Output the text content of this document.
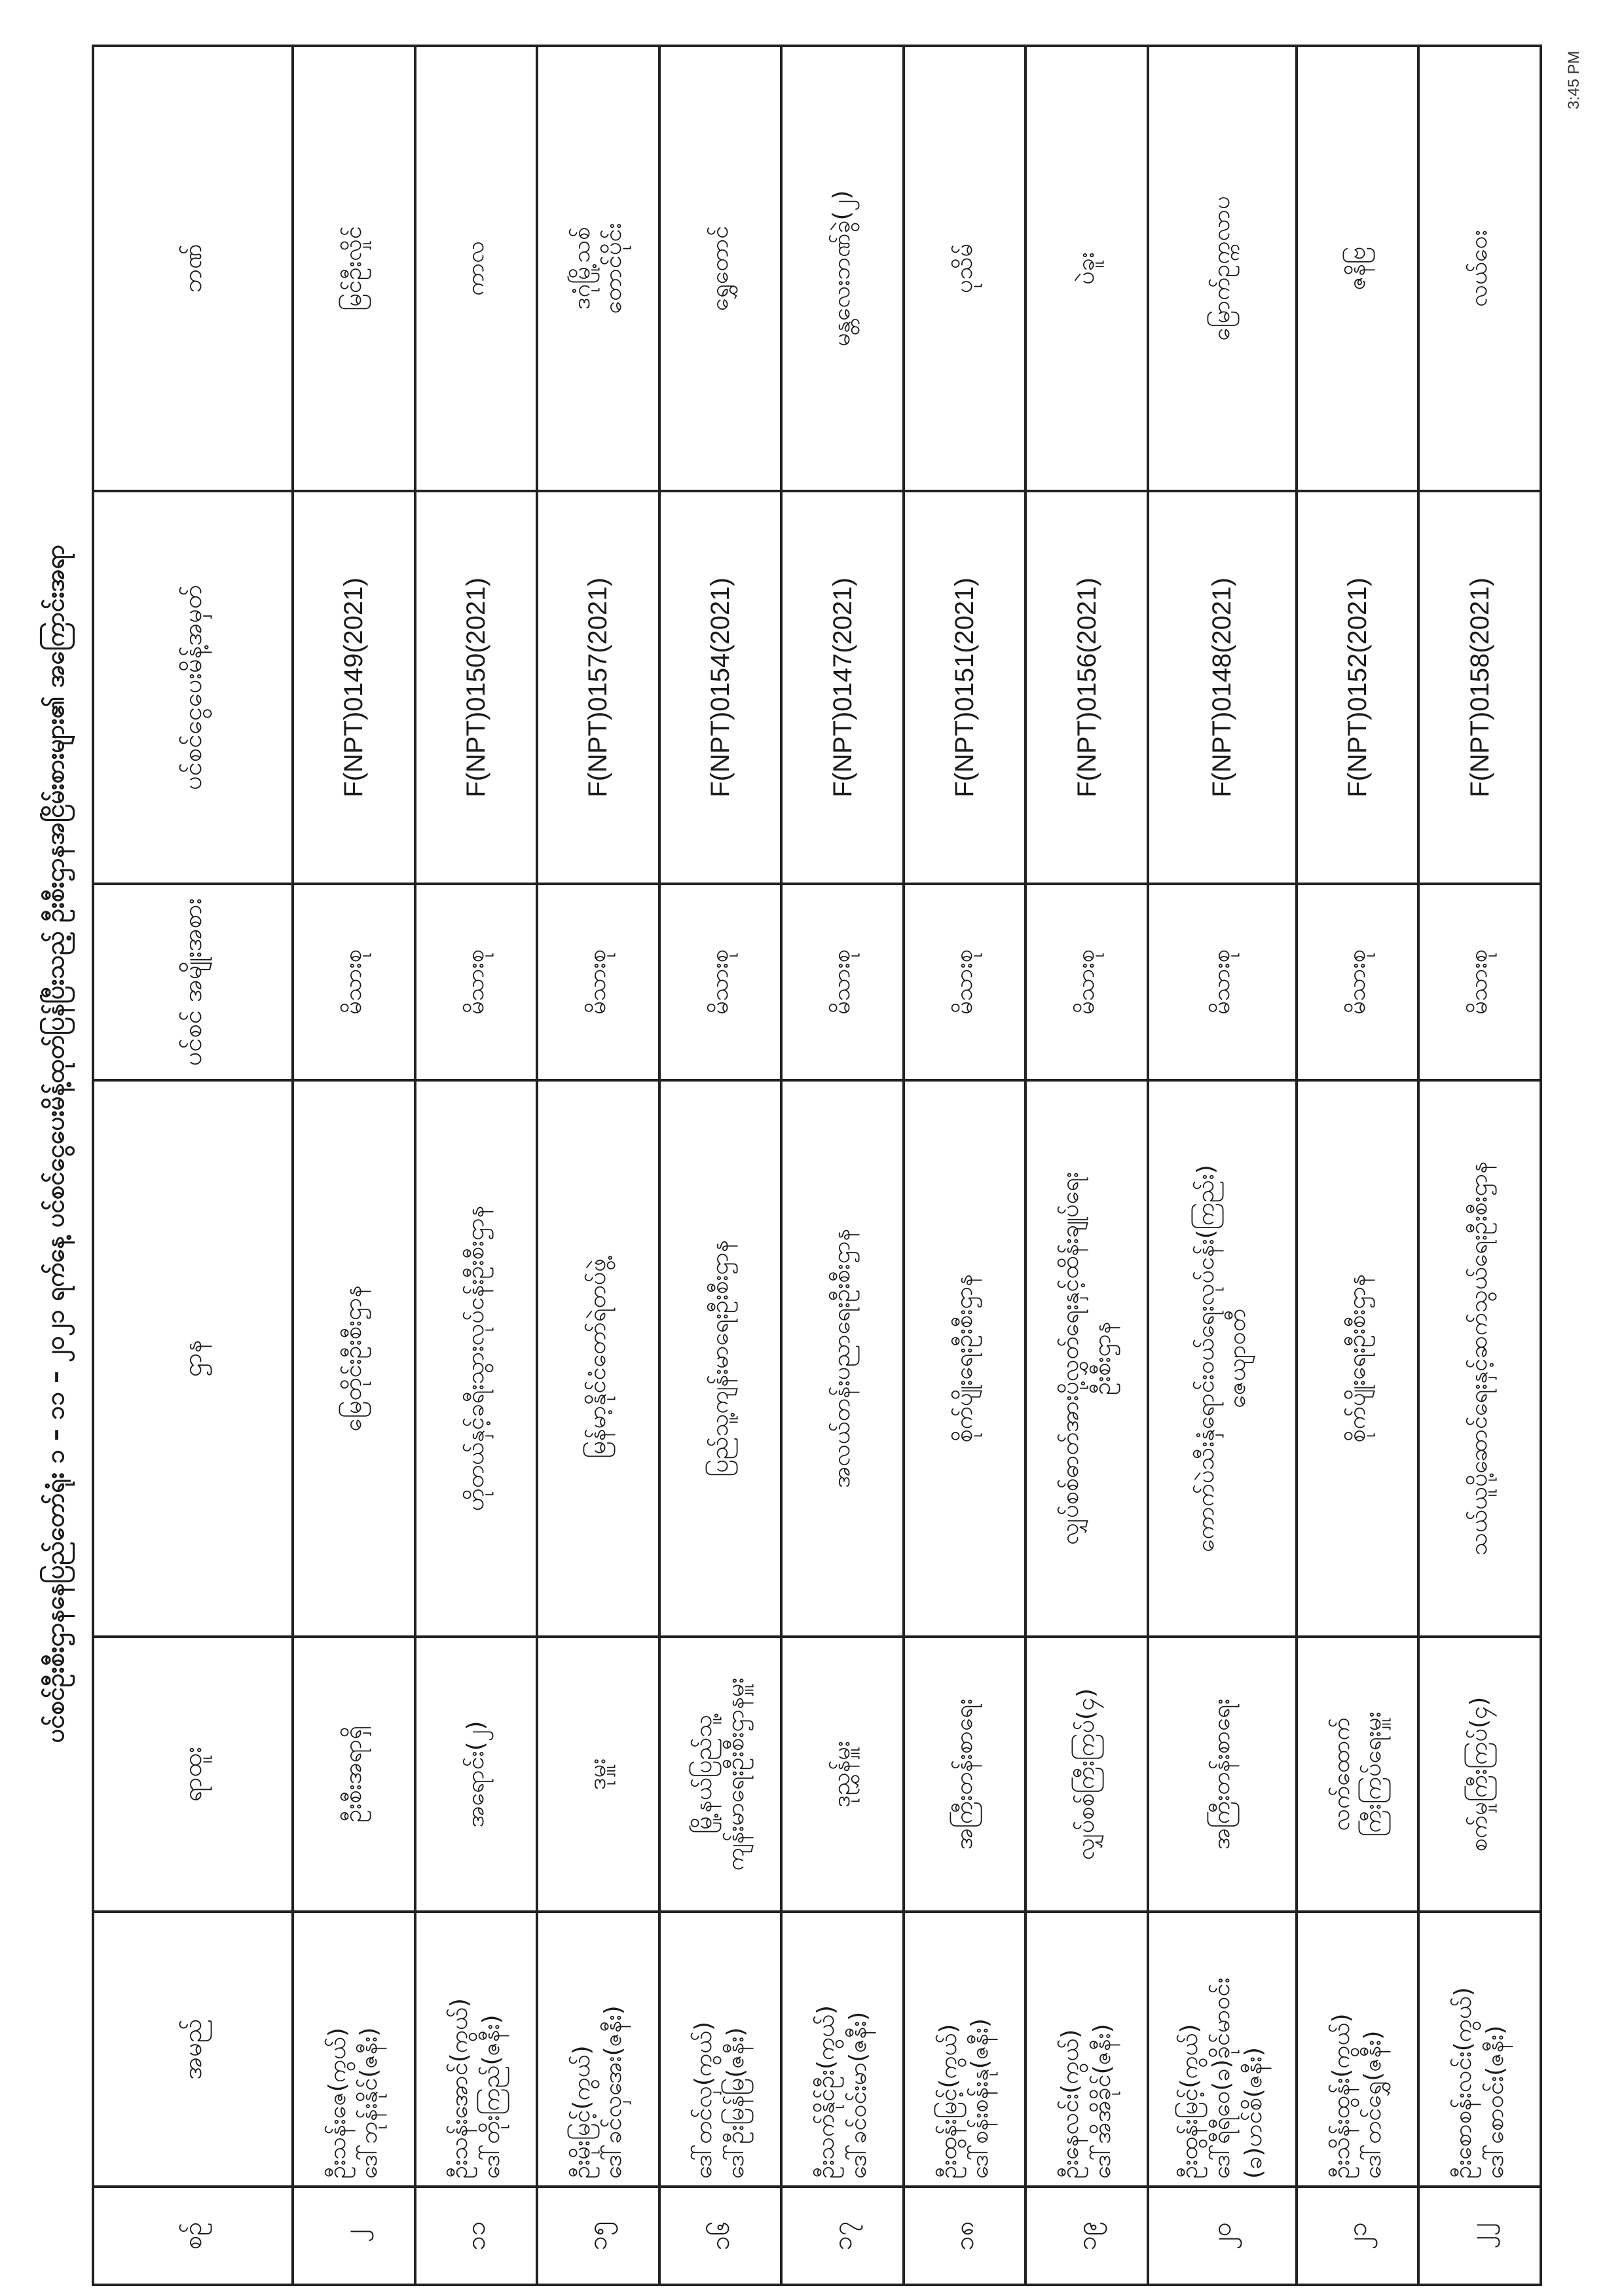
ပင်စင်ဦးစီးဌာနနေပြည်တော်ရုံး ၁ – ၁၁ – ၂၀၂၁ ရက်နေ့ ပင်စင်ငွေ‌ပေးမိန့်ထုတ်ပြန်ပြီးသည့် ဦးစီးဌာနအငြိမ်းစားများ၏ အ‌‌ကြောင်းအရာ
စဉ်	အမည်	ရာထူး	ဌာန	ပင်စင် အမျိုးအစား	ပင်စင်ငွေ‌ပေးမိန့်အမှတ်	ဘဏ်
၂	ဦးသန်းဇေ(ကွယ်) ဒေါ်ဘုန်းနိုင်(ဇနီး)	ဦးစီးအရာရှိ	မြေတိုင်းဦးစီးဌာန	မိသားစု	F(NPT)0149(2021)	မြင်ဦးလှိုင်

၁၁	ဦးသန်းအောင်(ကွယ်) ဒေါ်တိုးကြည်(ဇနီး)	အရောင်း(၂)	ဟိုတယ်နှင့်ခရီးသွားလုပ်ငန်းဦးစီးဌာန	မိသားစု	F(NPT)0150(2021)	ကာလ

၁၅	ဦးမိုးမြင့်(ကွယ်) ဒေါ်ခင်လှအေး(ဇနီး)	ဒုမှူး	မြန်မာ့နိုင်ငံတော်ရဲတပ်ဖွဲ့	မိသားစု	F(NPT)0157(2021)	ဒဂုံမြို့သစ် တောင်ပိုင်း

၁၆	ဒေါ်တင်လှ(ကွယ်) ဒေါ်ဦးမြန်မြ(ဇနီး)	မြို့နယ်ပြည်သူ့ ကျန်းမာရေးဦးစီးဌာနမှူး	ပြည်သူ့ကျန်းမာရေးဦးစီးဌာန	မိသားစု	F(NPT)0154(2021)	ရွှေတောင်

၁၇	ဦးသက်နိုင်ဦး(ကွယ်) ဒေါ်ခင်ဝင်းမာ(ဇနီး)	ဒုညွှန်မှူး	အလယ်တန်းပညာရေးဦးစီးဌာန	မိသားစု	F(NPT)0147(2021)	မန္တလေးဘဏ်ခွဲ(၂)

၁၈	ဦးထွန်းမြင့်(ကွယ်) ဒေါ်စန်းစန်းနု(ဇနီး)	အကြီးတန်းစာရေး	စိုက်ပျိုးရေးဦးစီးဌာန	မိသားစု	F(NPT)0151(2021)	ပုသိမ်

၁၉	ဦးနေလင်း(ကွယ်) ဒေါ်အိအိခိုင်(ဇနီး)	လျှပ်စစ်ကြီးကြပ်(၄)	လျှပ်စစ်ဓာတ်အားပို့လွှတ်ရေးနှင့်ထိန်းချုပ်ရေး ဦးစီးဌာန	မိသားစု	F(NPT)0156(2021)	ပဲခူး

၂၀	ဦးထွန်းမြင့်(ကွယ်) ဒေါ်ရီရီဝေ(ခ)ခိုင်မာဝင်း (ခ)ဟင်စိ(ဇနီး)	အကြီးတန်းစာရေး	ကောက်ပဲသီးနှံရောင်းဝယ်ရေးလုပ်ငန်း(ကြည်း) ဇေယျာဝတီ	မိသားစု	F(NPT)0148(2021)	မြောက်ဥက္ကလာပ

၂၁	ဦးသိန်းထွန်း(ကွယ်) ဒေါ်တင်ရွှေ(ဇနီး)	လက်ထောက် ကြီးကြပ်ရေးမှူး	စိုက်ပျိုးရေးဦးစီးဌာန	မိသားစု	F(NPT)0152(2021)	ဇနိဗြ

၂၂	ဦးစောစန်းလင်း(ကွယ်) ဒေါ်စောဝင်း(ဇနီး)	စက်မှုကြီးကြပ်(၄)	သယ်ယူပို့ဆောင်ရေးနှင့်ဆက်သွယ်ရေးဦးစီးဌာန	မိသားစု	F(NPT)0158(2021)	လယ်ဝေး
3:45 PM
